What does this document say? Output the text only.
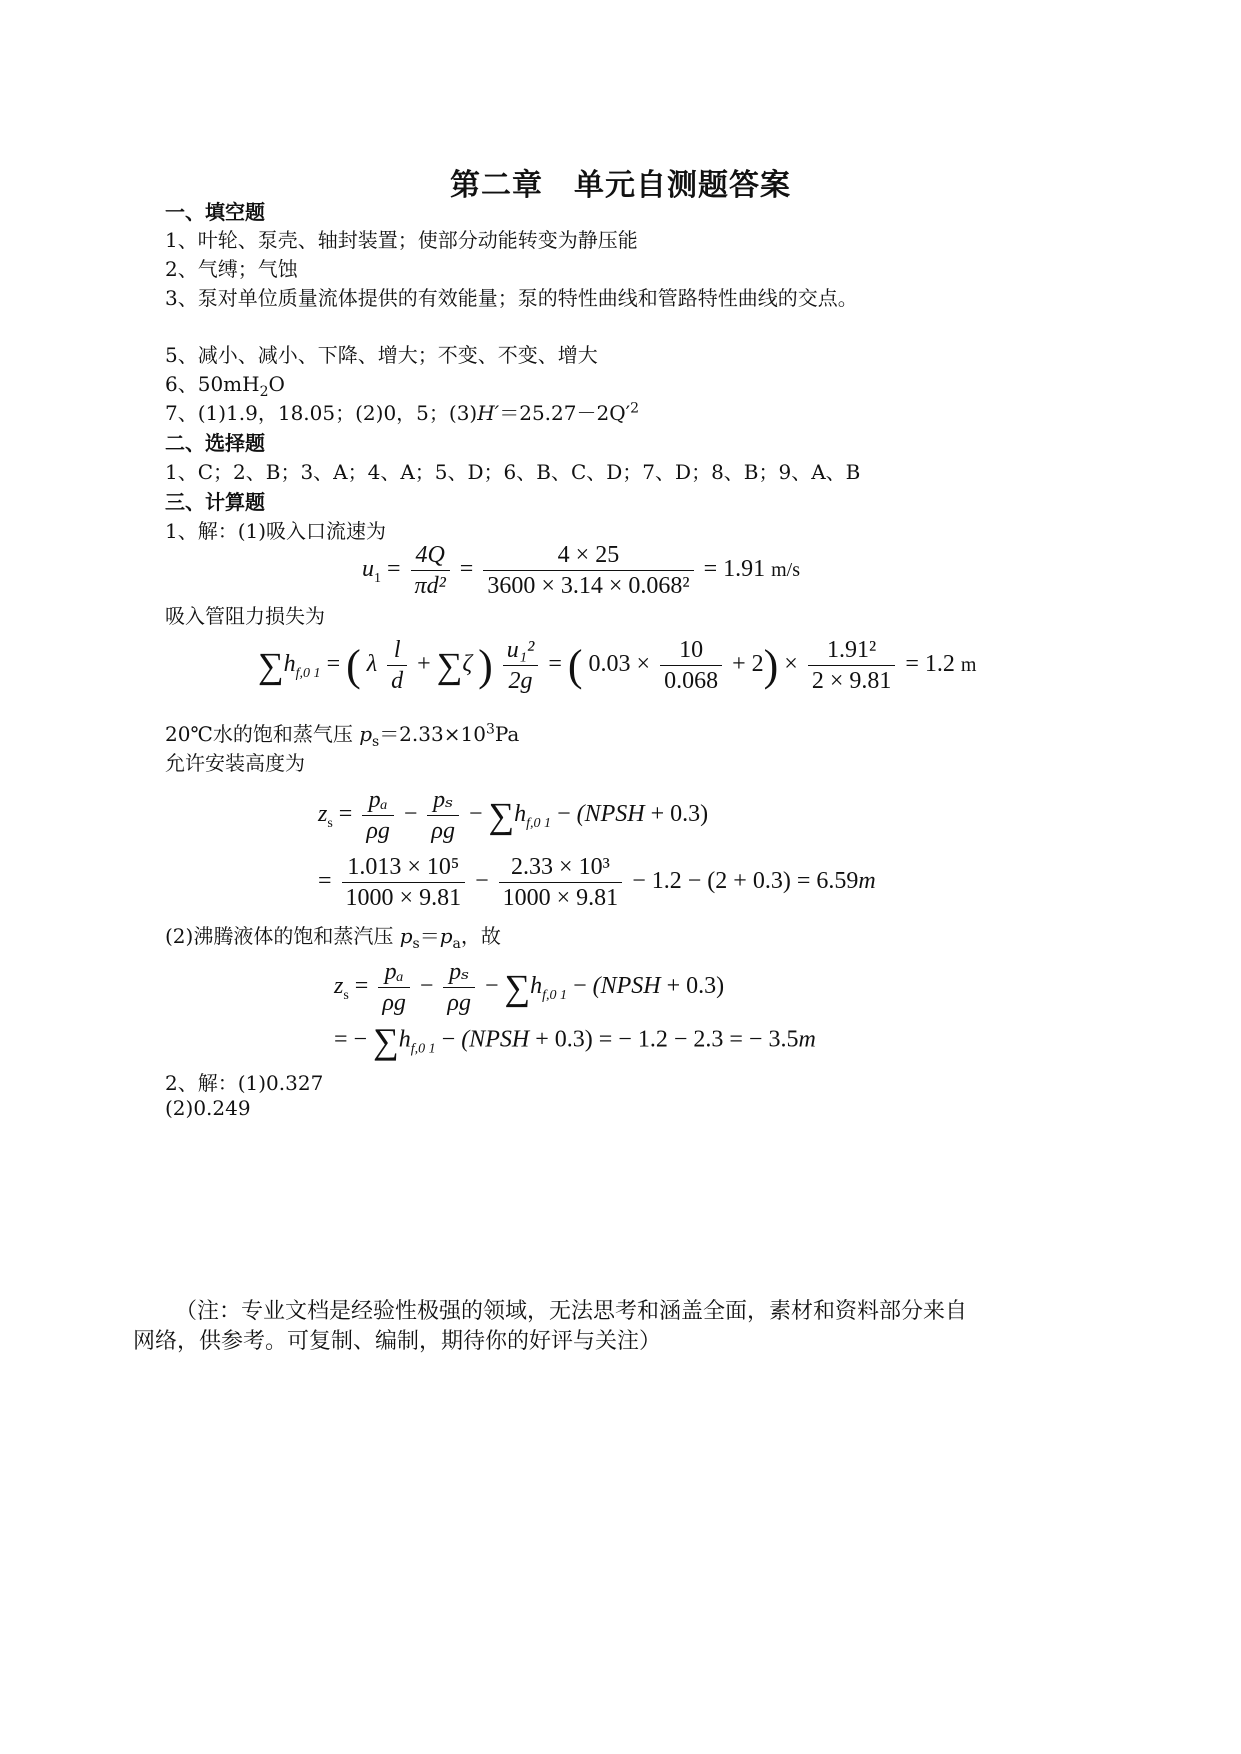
第二章　单元自测题答案
一、填空题
1、叶轮、泵壳、轴封装置；使部分动能转变为静压能
2、气缚；气蚀
3、泵对单位质量流体提供的有效能量；泵的特性曲线和管路特性曲线的交点。
5、减小、减小、下降、增大；不变、不变、增大
6、$50mH_2O$
7、(1)1.9，18.05；(2)0，5；$(3)H'=25.27-2Q'^2$
二、选择题
1、C；2、B；3、A；4、A；5、D；6、B、C、D；7、D；8、B；9、A、B
三、计算题
1、解：(1)吸入口流速为
$u_1 = \frac{4Q}{\text{πd²}} = \frac{4 \times 25}{\text{3600 × 3.14 × 0.068²}} = 1.91$ m/s
吸入管阻力损失为
$\sum h_{f,0 1}$ = ( λ $\frac{l}{d} + \sum\zeta$ ) $\frac{\text{u₁²}}{2g}$ = ( $0.03 \times \frac{10}{0.068} + 2) \times \frac{\text{1.91²}}{2 \times 9.81} = 1.2$ m
20℃水的饱和蒸气压 $p_s=2.33\times 10^3Pa$
允许安装高度为
$z_s = \frac{\text{pₐ}}{\rho g} - \frac{\text{pₛ}}{\rho g} - \sum h_{f,0 1}$ − (NPSH + 0.3)
= $\frac{\text{1.013 × 10⁵}}{1000 \times 9.81} - \frac{\text{2.33 × 10³}}{1000 \times 9.81} - 1.2 - (2 + 0.3) = 6.59m$
(2)沸腾液体的饱和蒸汽压 $p_s=p_a$，故
$z_s = \frac{\text{pₐ}}{\rho g} - \frac{\text{pₛ}}{\rho g} - \sum h_{f,0 1}$ − (NPSH + 0.3)
= − $\sum h_{f,0 1}$ − (NPSH + 0.3) = − 1.2 − 2.3 = − 3.5m
2、解：(1)0.327
(2)0.249
（注：专业文档是经验性极强的领域，无法思考和涵盖全面，素材和资料部分来自
网络，供参考。可复制、编制，期待你的好评与关注）
